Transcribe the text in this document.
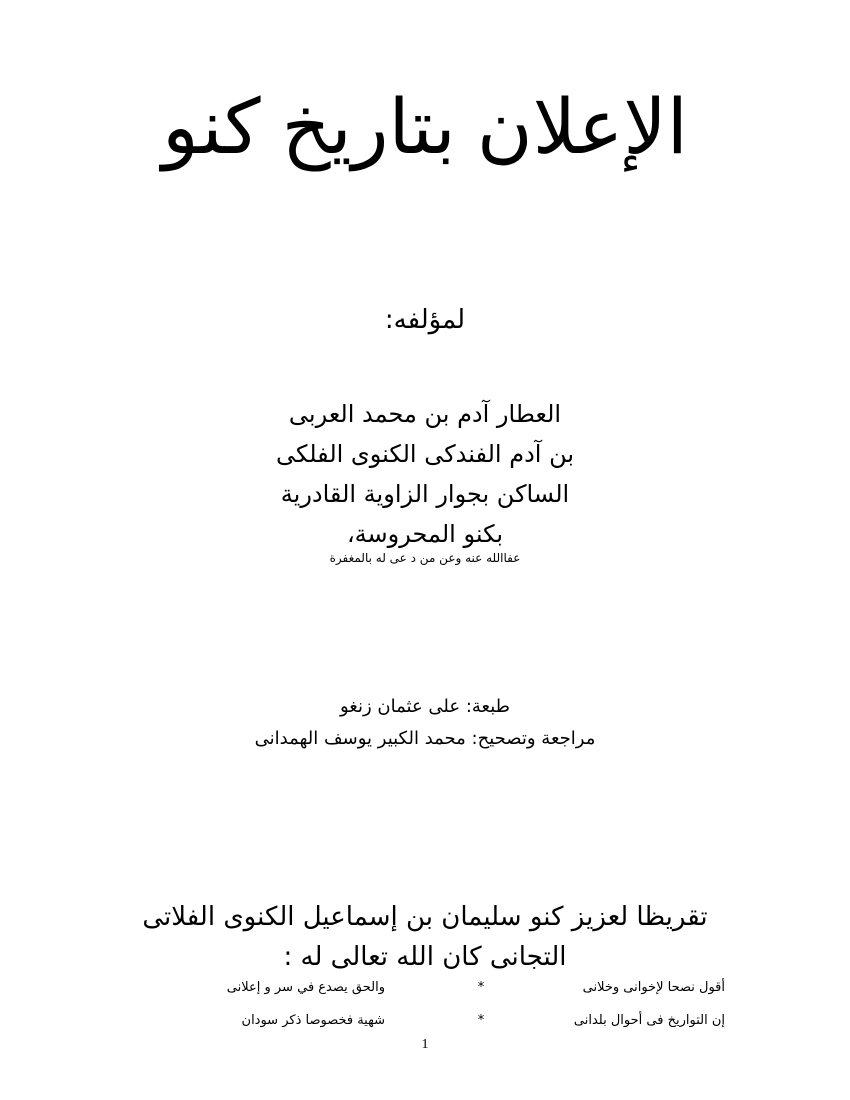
الإعلان بتاريخ كنو
لمؤلفه:
العطار آدم بن محمد العربى
بن آدم الفندكى الكنوى الفلكى
الساكن بجوار الزاوية القادرية
بكنو المحروسة،
عفاالله عنه وعن من د عى له بالمغفرة
طبعة: على عثمان زنغو
مراجعة وتصحيح: محمد الكبير يوسف الهمدانى
تقريظا لعزيز كنو سليمان بن إسماعيل الكنوى الفلاتى
التجانى كان الله تعالى له :
أقول نصحا لإخوانى وخلانى
*
والحق يصدع في سر و إعلانى
إن التواريخ فى أحوال بلدانى
*
شهية فخصوصا ذكر سودان
1
